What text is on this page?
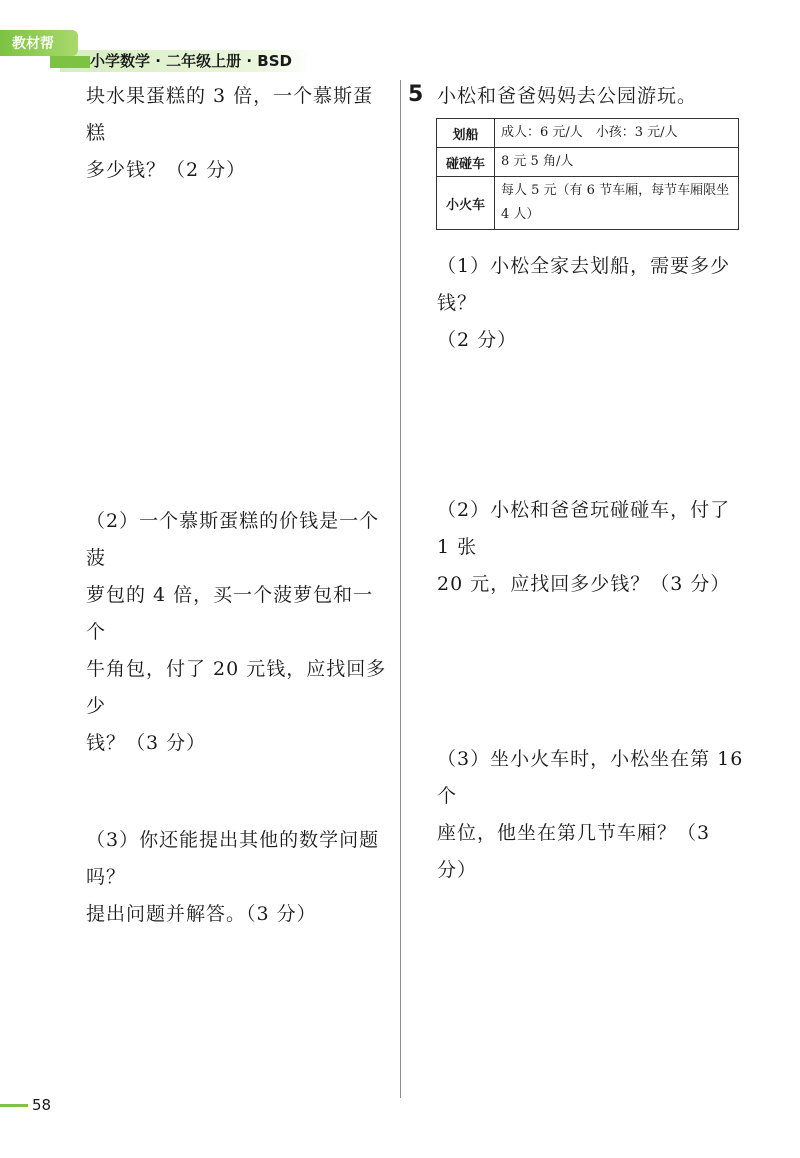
教材帮
小学数学 · 二年级上册 · BSD
块水果蛋糕的 3 倍，一个慕斯蛋糕
多少钱？（2 分）
（2）一个慕斯蛋糕的价钱是一个菠
萝包的 4 倍，买一个菠萝包和一个
牛角包，付了 20 元钱，应找回多少
钱？（3 分）
（3）你还能提出其他的数学问题吗？
提出问题并解答。（3 分）
5 小松和爸爸妈妈去公园游玩。
划船	成人：6 元/人　小孩：3 元/人
碰碰车	8 元 5 角/人
小火车	每人 5 元（有 6 节车厢，每节车厢限坐 4 人）
（1）小松全家去划船，需要多少钱？
（2 分）
（2）小松和爸爸玩碰碰车，付了 1 张
20 元，应找回多少钱？（3 分）
（3）坐小火车时，小松坐在第 16 个
座位，他坐在第几节车厢？（3 分）
58
